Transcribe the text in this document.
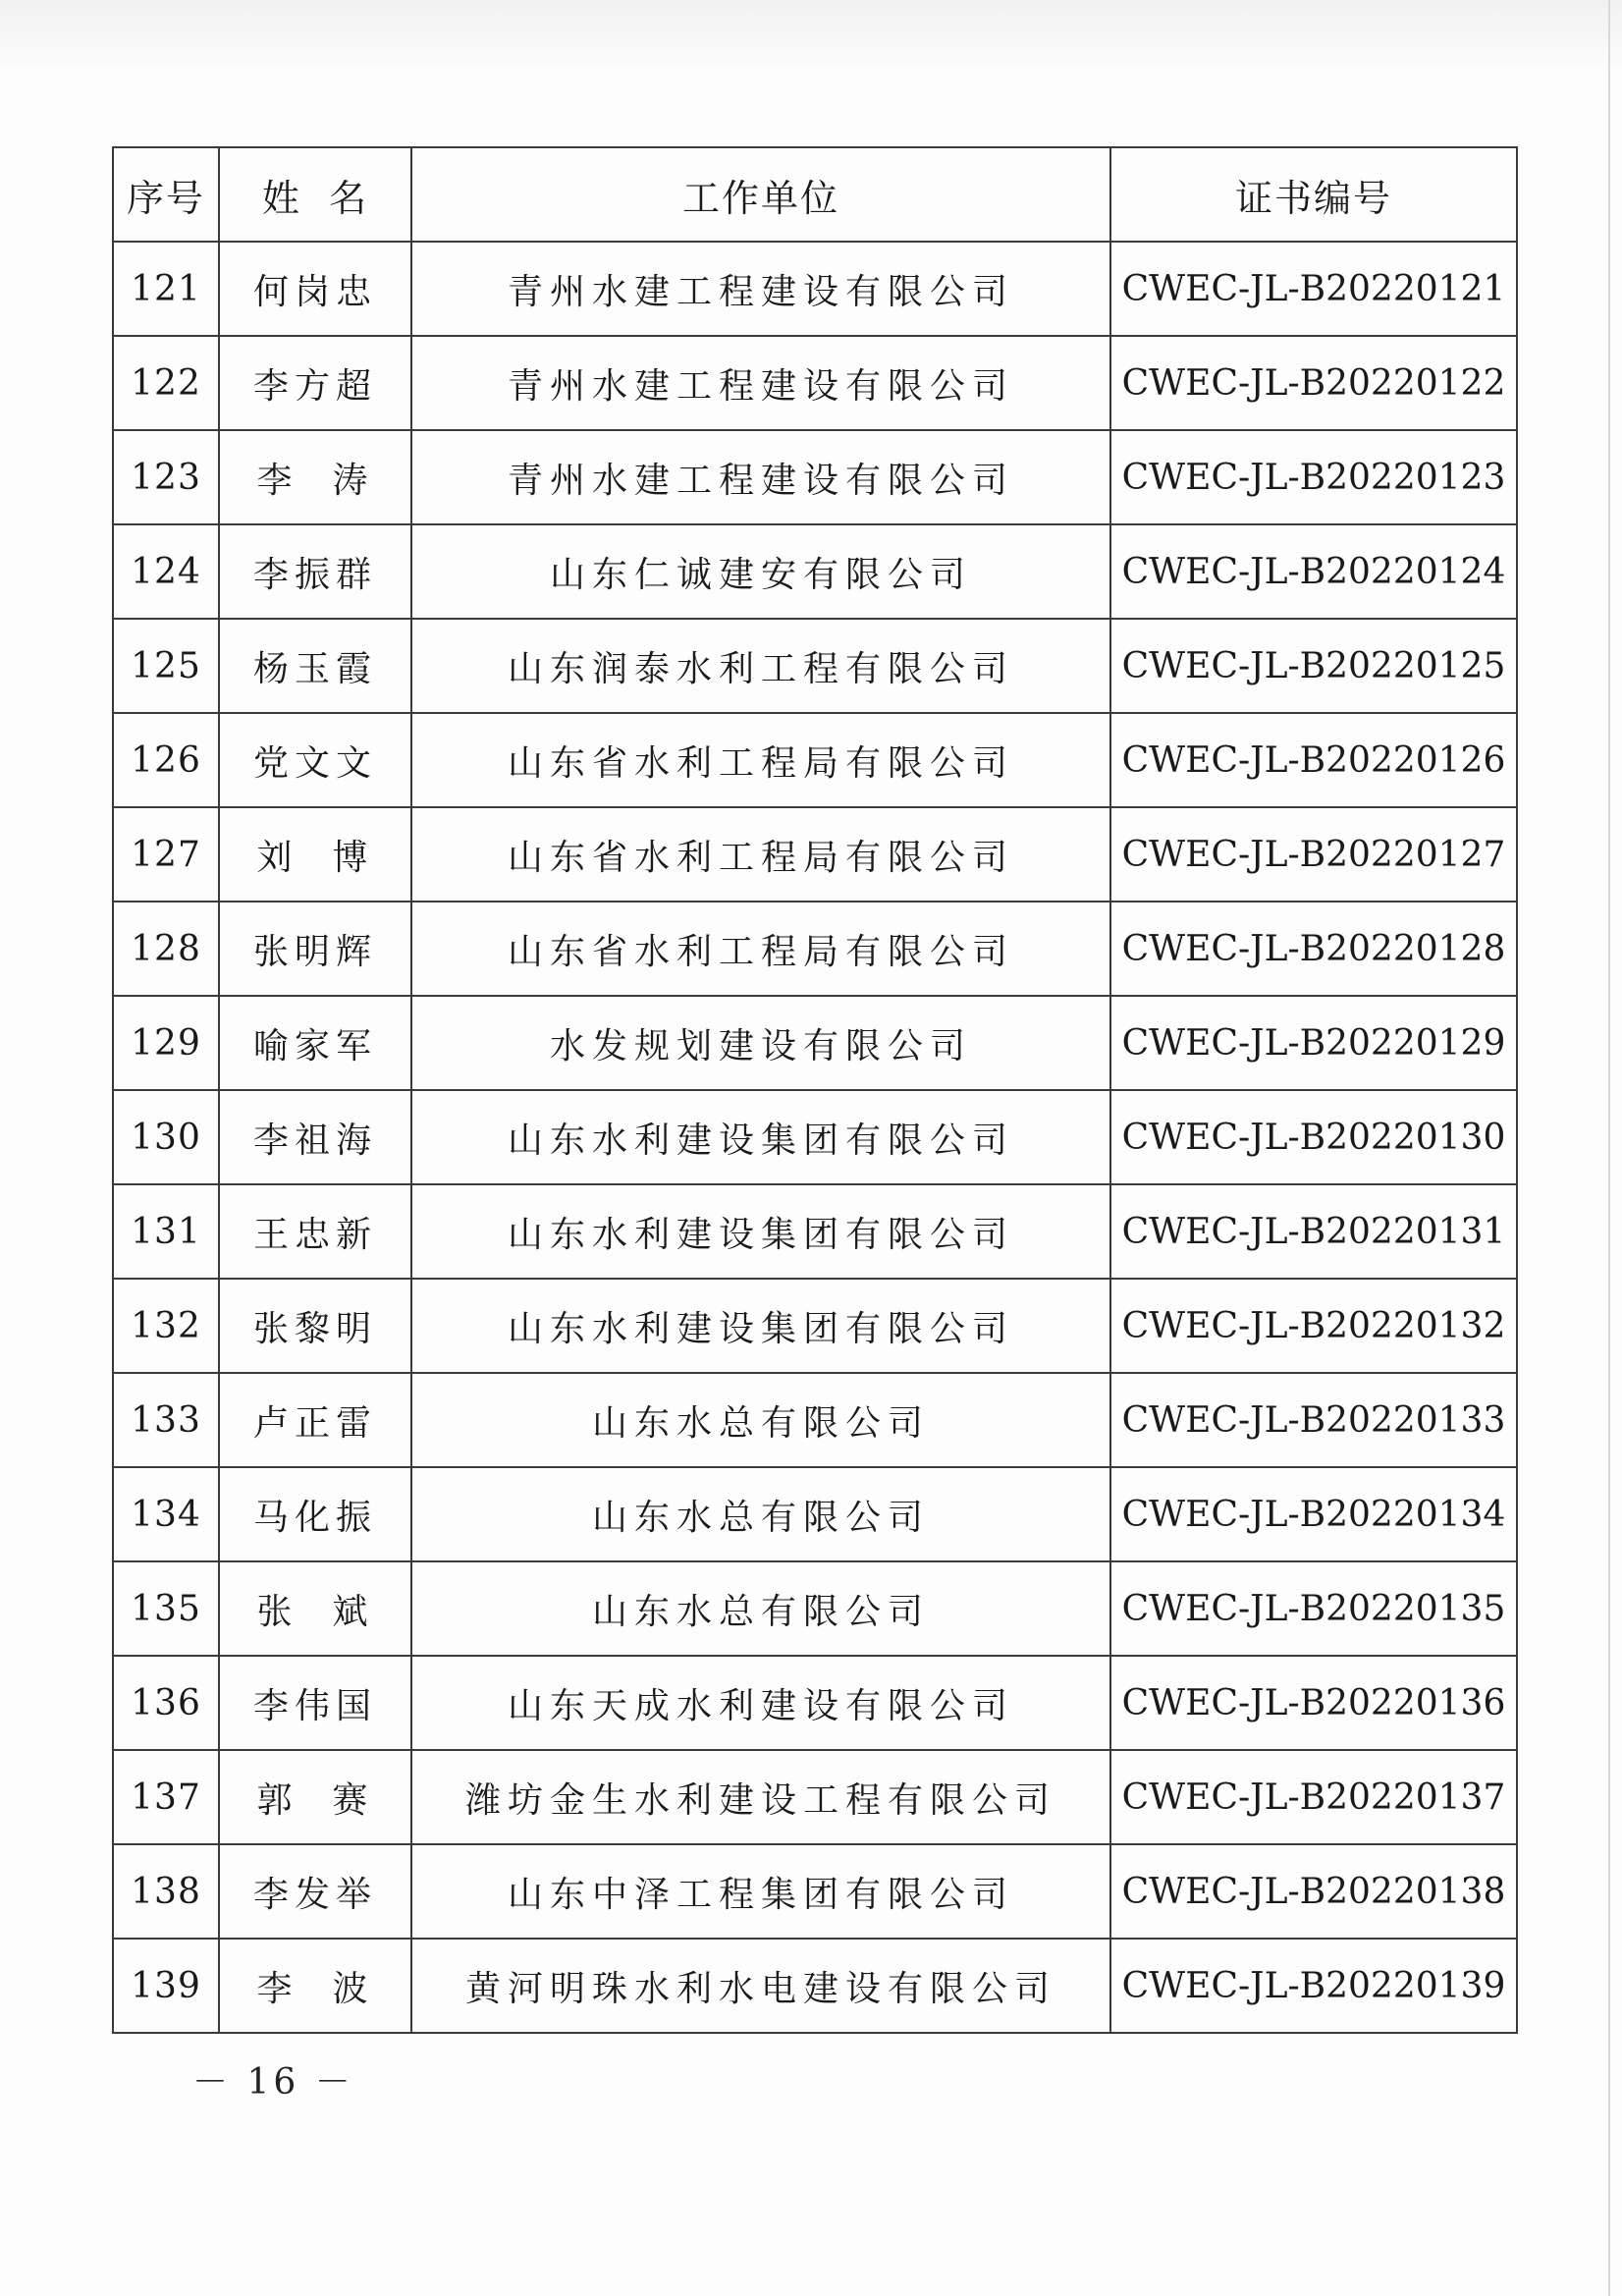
序号	姓  名	工作单位	证书编号
121	何岗忠	青州水建工程建设有限公司	CWEC-JL-B20220121
122	李方超	青州水建工程建设有限公司	CWEC-JL-B20220122
123	李  涛	青州水建工程建设有限公司	CWEC-JL-B20220123
124	李振群	山东仁诚建安有限公司	CWEC-JL-B20220124
125	杨玉霞	山东润泰水利工程有限公司	CWEC-JL-B20220125
126	党文文	山东省水利工程局有限公司	CWEC-JL-B20220126
127	刘  博	山东省水利工程局有限公司	CWEC-JL-B20220127
128	张明辉	山东省水利工程局有限公司	CWEC-JL-B20220128
129	喻家军	水发规划建设有限公司	CWEC-JL-B20220129
130	李祖海	山东水利建设集团有限公司	CWEC-JL-B20220130
131	王忠新	山东水利建设集团有限公司	CWEC-JL-B20220131
132	张黎明	山东水利建设集团有限公司	CWEC-JL-B20220132
133	卢正雷	山东水总有限公司	CWEC-JL-B20220133
134	马化振	山东水总有限公司	CWEC-JL-B20220134
135	张  斌	山东水总有限公司	CWEC-JL-B20220135
136	李伟国	山东天成水利建设有限公司	CWEC-JL-B20220136
137	郭  赛	潍坊金生水利建设工程有限公司	CWEC-JL-B20220137
138	李发举	山东中泽工程集团有限公司	CWEC-JL-B20220138
139	李  波	黄河明珠水利水电建设有限公司	CWEC-JL-B20220139
－ 16 －
